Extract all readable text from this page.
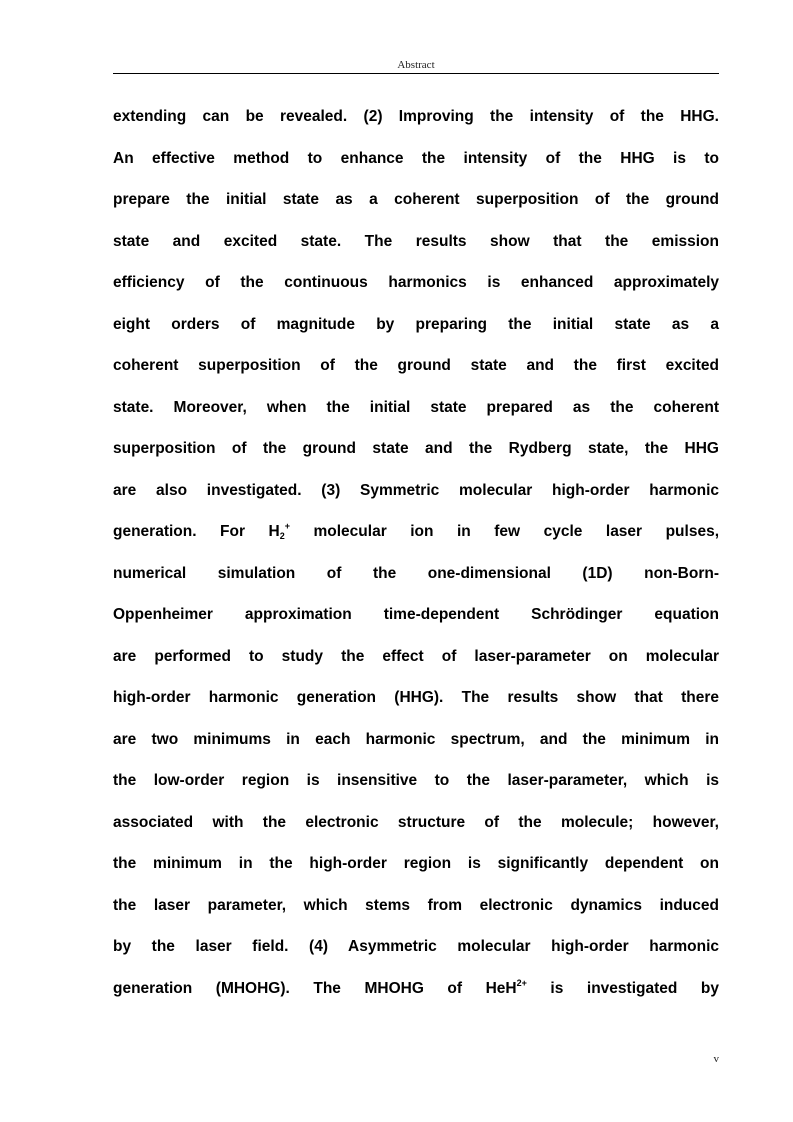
Abstract
extending can be revealed. (2) Improving the intensity of the HHG.
An effective method to enhance the intensity of the HHG is to
prepare the initial state as a coherent superposition of the ground
state and excited state. The results show that the emission
efficiency of the continuous harmonics is enhanced approximately
eight orders of magnitude by preparing the initial state as a
coherent superposition of the ground state and the first excited
state. Moreover, when the initial state prepared as the coherent
superposition of the ground state and the Rydberg state, the HHG
are also investigated. (3) Symmetric molecular high-order harmonic
generation. For $H_2^+$ molecular ion in few cycle laser pulses,
numerical simulation of the one-dimensional (1D) non-Born-
Oppenheimer approximation time-dependent Schrödinger equation
are performed to study the effect of laser-parameter on molecular
high-order harmonic generation (HHG). The results show that there
are two minimums in each harmonic spectrum, and the minimum in
the low-order region is insensitive to the laser-parameter, which is
associated with the electronic structure of the molecule; however,
the minimum in the high-order region is significantly dependent on
the laser parameter, which stems from electronic dynamics induced
by the laser field. (4) Asymmetric molecular high-order harmonic
generation (MHOHG). The MHOHG of HeH$^{2+}$ is investigated by
v
